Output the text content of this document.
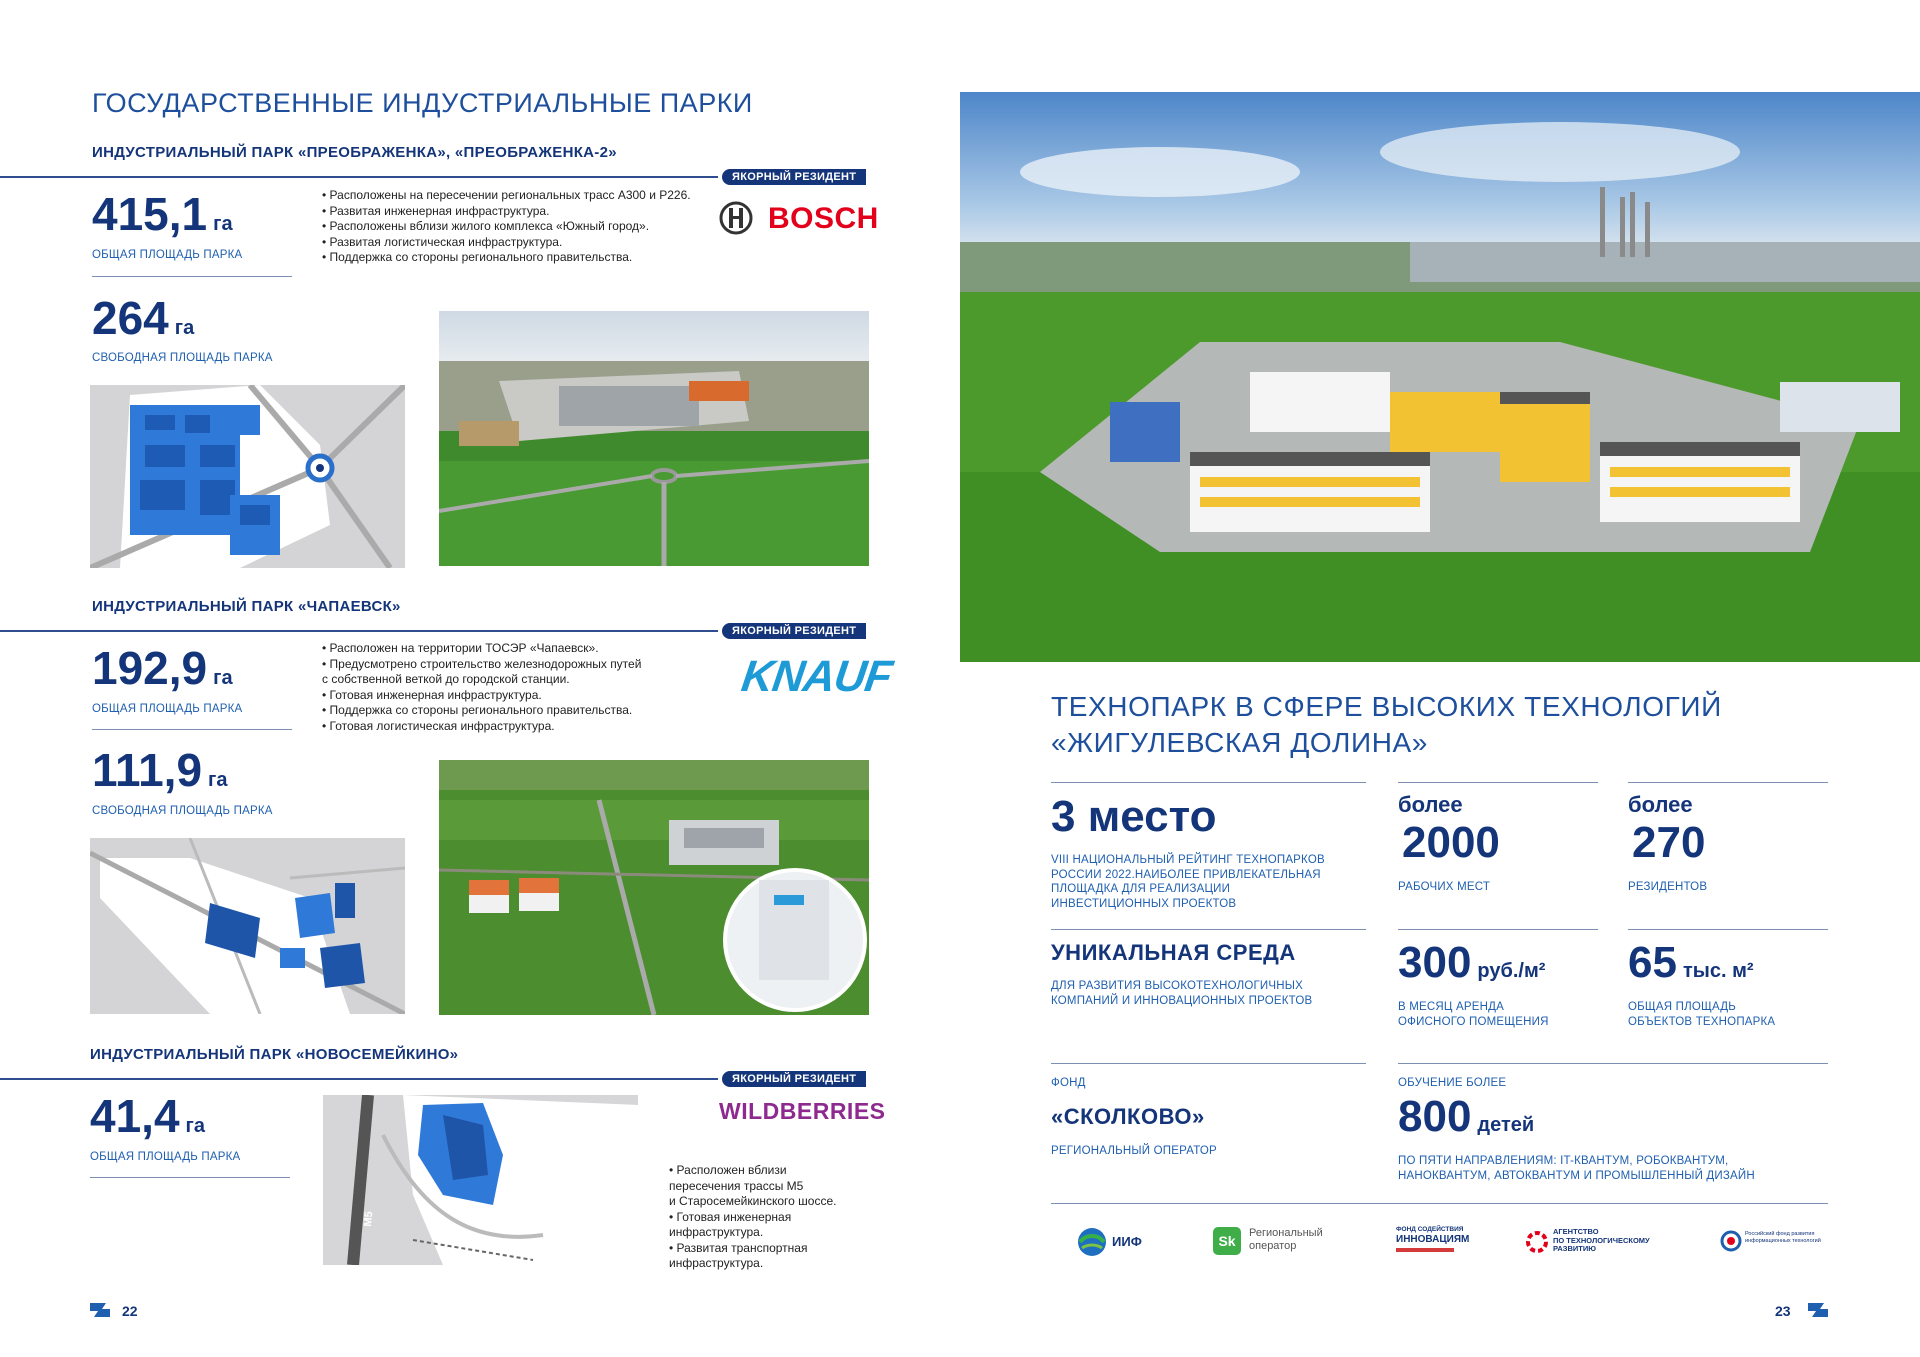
ГОСУДАРСТВЕННЫЕ ИНДУСТРИАЛЬНЫЕ ПАРКИ
ИНДУСТРИАЛЬНЫЙ ПАРК «ПРЕОБРАЖЕНКА», «ПРЕОБРАЖЕНКА-2»
ЯКОРНЫЙ РЕЗИДЕНТ
415,1 га
ОБЩАЯ ПЛОЩАДЬ ПАРКА
264 га
СВОБОДНАЯ ПЛОЩАДЬ ПАРКА
• Расположены на пересечении региональных трасс А300 и Р226.
• Развитая инженерная инфраструктура.
• Расположены вблизи жилого комплекса «Южный город».
• Развитая логистическая инфраструктура.
• Поддержка со стороны регионального правительства.
BOSCH
ИНДУСТРИАЛЬНЫЙ ПАРК «ЧАПАЕВСК»
ЯКОРНЫЙ РЕЗИДЕНТ
192,9 га
ОБЩАЯ ПЛОЩАДЬ ПАРКА
111,9 га
СВОБОДНАЯ ПЛОЩАДЬ ПАРКА
• Расположен на территории ТОСЭР «Чапаевск».
• Предусмотрено строительство железнодорожных путей
с собственной веткой до городской станции.
• Готовая инженерная инфраструктура.
• Поддержка со стороны регионального правительства.
• Готовая логистическая инфраструктура.
KNAUF
ИНДУСТРИАЛЬНЫЙ ПАРК «НОВОСЕМЕЙКИНО»
ЯКОРНЫЙ РЕЗИДЕНТ
41,4 га
ОБЩАЯ ПЛОЩАДЬ ПАРКА
М5
WILDBERRIES
• Расположен вблизи
пересечения трассы М5
и Старосемейкинского шоссе.
• Готовая инженерная
инфраструктура.
• Развитая транспортная
инфраструктура.
22
ТЕХНОПАРК В СФЕРЕ ВЫСОКИХ ТЕХНОЛОГИЙ
«ЖИГУЛЕВСКАЯ ДОЛИНА»
3 место
VIII НАЦИОНАЛЬНЫЙ РЕЙТИНГ ТЕХНОПАРКОВ
РОССИИ 2022.НАИБОЛЕЕ ПРИВЛЕКАТЕЛЬНАЯ
ПЛОЩАДКА ДЛЯ РЕАЛИЗАЦИИ
ИНВЕСТИЦИОННЫХ ПРОЕКТОВ
более
2000
РАБОЧИХ МЕСТ
более
270
РЕЗИДЕНТОВ
УНИКАЛЬНАЯ СРЕДА
ДЛЯ РАЗВИТИЯ ВЫСОКОТЕХНОЛОГИЧНЫХ
КОМПАНИЙ И ИННОВАЦИОННЫХ ПРОЕКТОВ
300 руб./м²
В МЕСЯЦ АРЕНДА
ОФИСНОГО ПОМЕЩЕНИЯ
65 тыс. м²
ОБЩАЯ ПЛОЩАДЬ
ОБЪЕКТОВ ТЕХНОПАРКА
ФОНД
«СКОЛКОВО»
РЕГИОНАЛЬНЫЙ ОПЕРАТОР
ОБУЧЕНИЕ БОЛЕЕ
800 детей
ПО ПЯТИ НАПРАВЛЕНИЯМ: IT-КВАНТУМ, РОБОКВАНТУМ,
НАНОКВАНТУМ, АВТОКВАНТУМ И ПРОМЫШЛЕННЫЙ ДИЗАЙН
ИИФ	Sk	Региональный
оператор
ФОНД СОДЕЙСТВИЯ
ИННОВАЦИЯМ
АГЕНТСТВО
ПО ТЕХНОЛОГИЧЕСКОМУ
РАЗВИТИЮ
Российский фонд развития
информационных технологий
23
